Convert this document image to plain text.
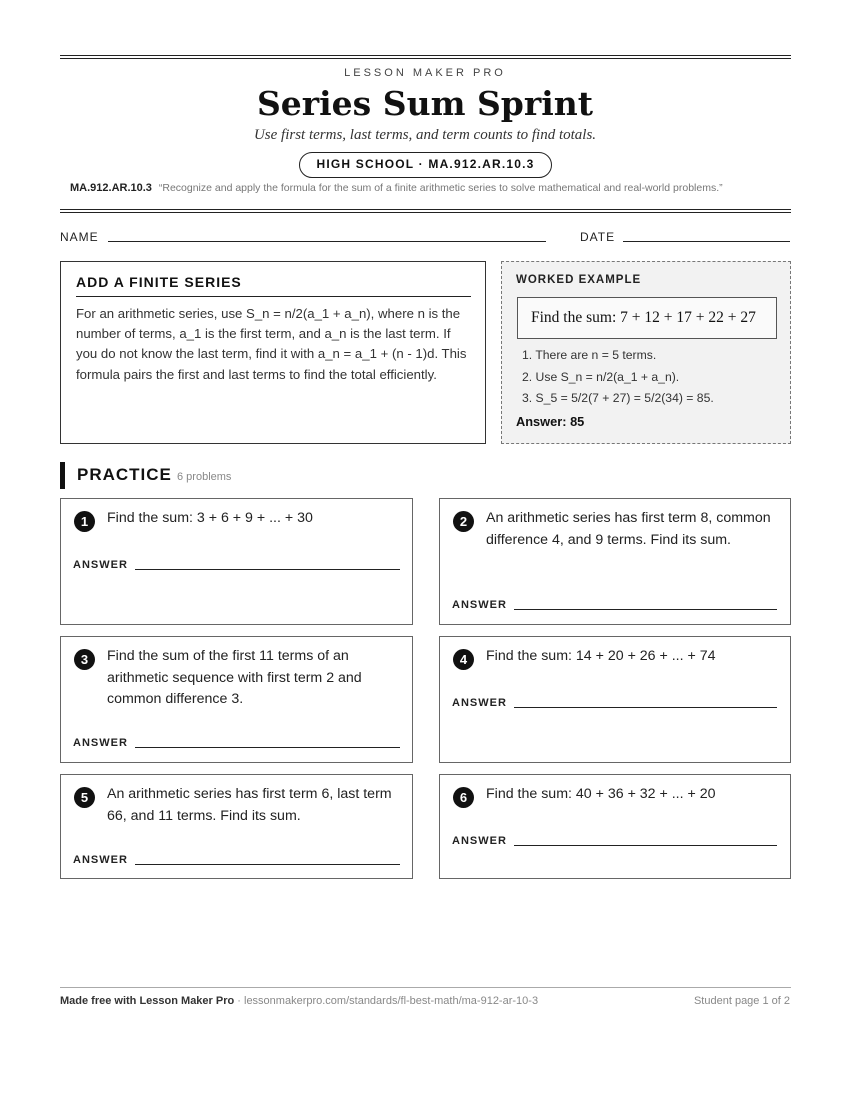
LESSON MAKER PRO
Series Sum Sprint
Use first terms, last terms, and term counts to find totals.
HIGH SCHOOL · MA.912.AR.10.3
MA.912.AR.10.3 “Recognize and apply the formula for the sum of a finite arithmetic series to solve mathematical and real-world problems.”
NAME	DATE
ADD A FINITE SERIES
For an arithmetic series, use S_n = n/2(a_1 + a_n), where n is the number of terms, a_1 is the first term, and a_n is the last term. If you do not know the last term, find it with a_n = a_1 + (n - 1)d. This formula pairs the first and last terms to find the total efficiently.
WORKED EXAMPLE
Find the sum: 7 + 12 + 17 + 22 + 27
1. There are n = 5 terms.
2. Use S_n = n/2(a_1 + a_n).
3. S_5 = 5/2(7 + 27) = 5/2(34) = 85.
Answer: 85
PRACTICE 6 problems
1	Find the sum: 3 + 6 + 9 + ... + 30
ANSWER
2	An arithmetic series has first term 8, common difference 4, and 9 terms. Find its sum.
ANSWER
3	Find the sum of the first 11 terms of an arithmetic sequence with first term 2 and common difference 3.
ANSWER
4	Find the sum: 14 + 20 + 26 + ... + 74
ANSWER
5	An arithmetic series has first term 6, last term 66, and 11 terms. Find its sum.
ANSWER
6	Find the sum: 40 + 36 + 32 + ... + 20
ANSWER
Made free with Lesson Maker Pro · lessonmakerpro.com/standards/fl-best-math/ma-912-ar-10-3	Student page 1 of 2
